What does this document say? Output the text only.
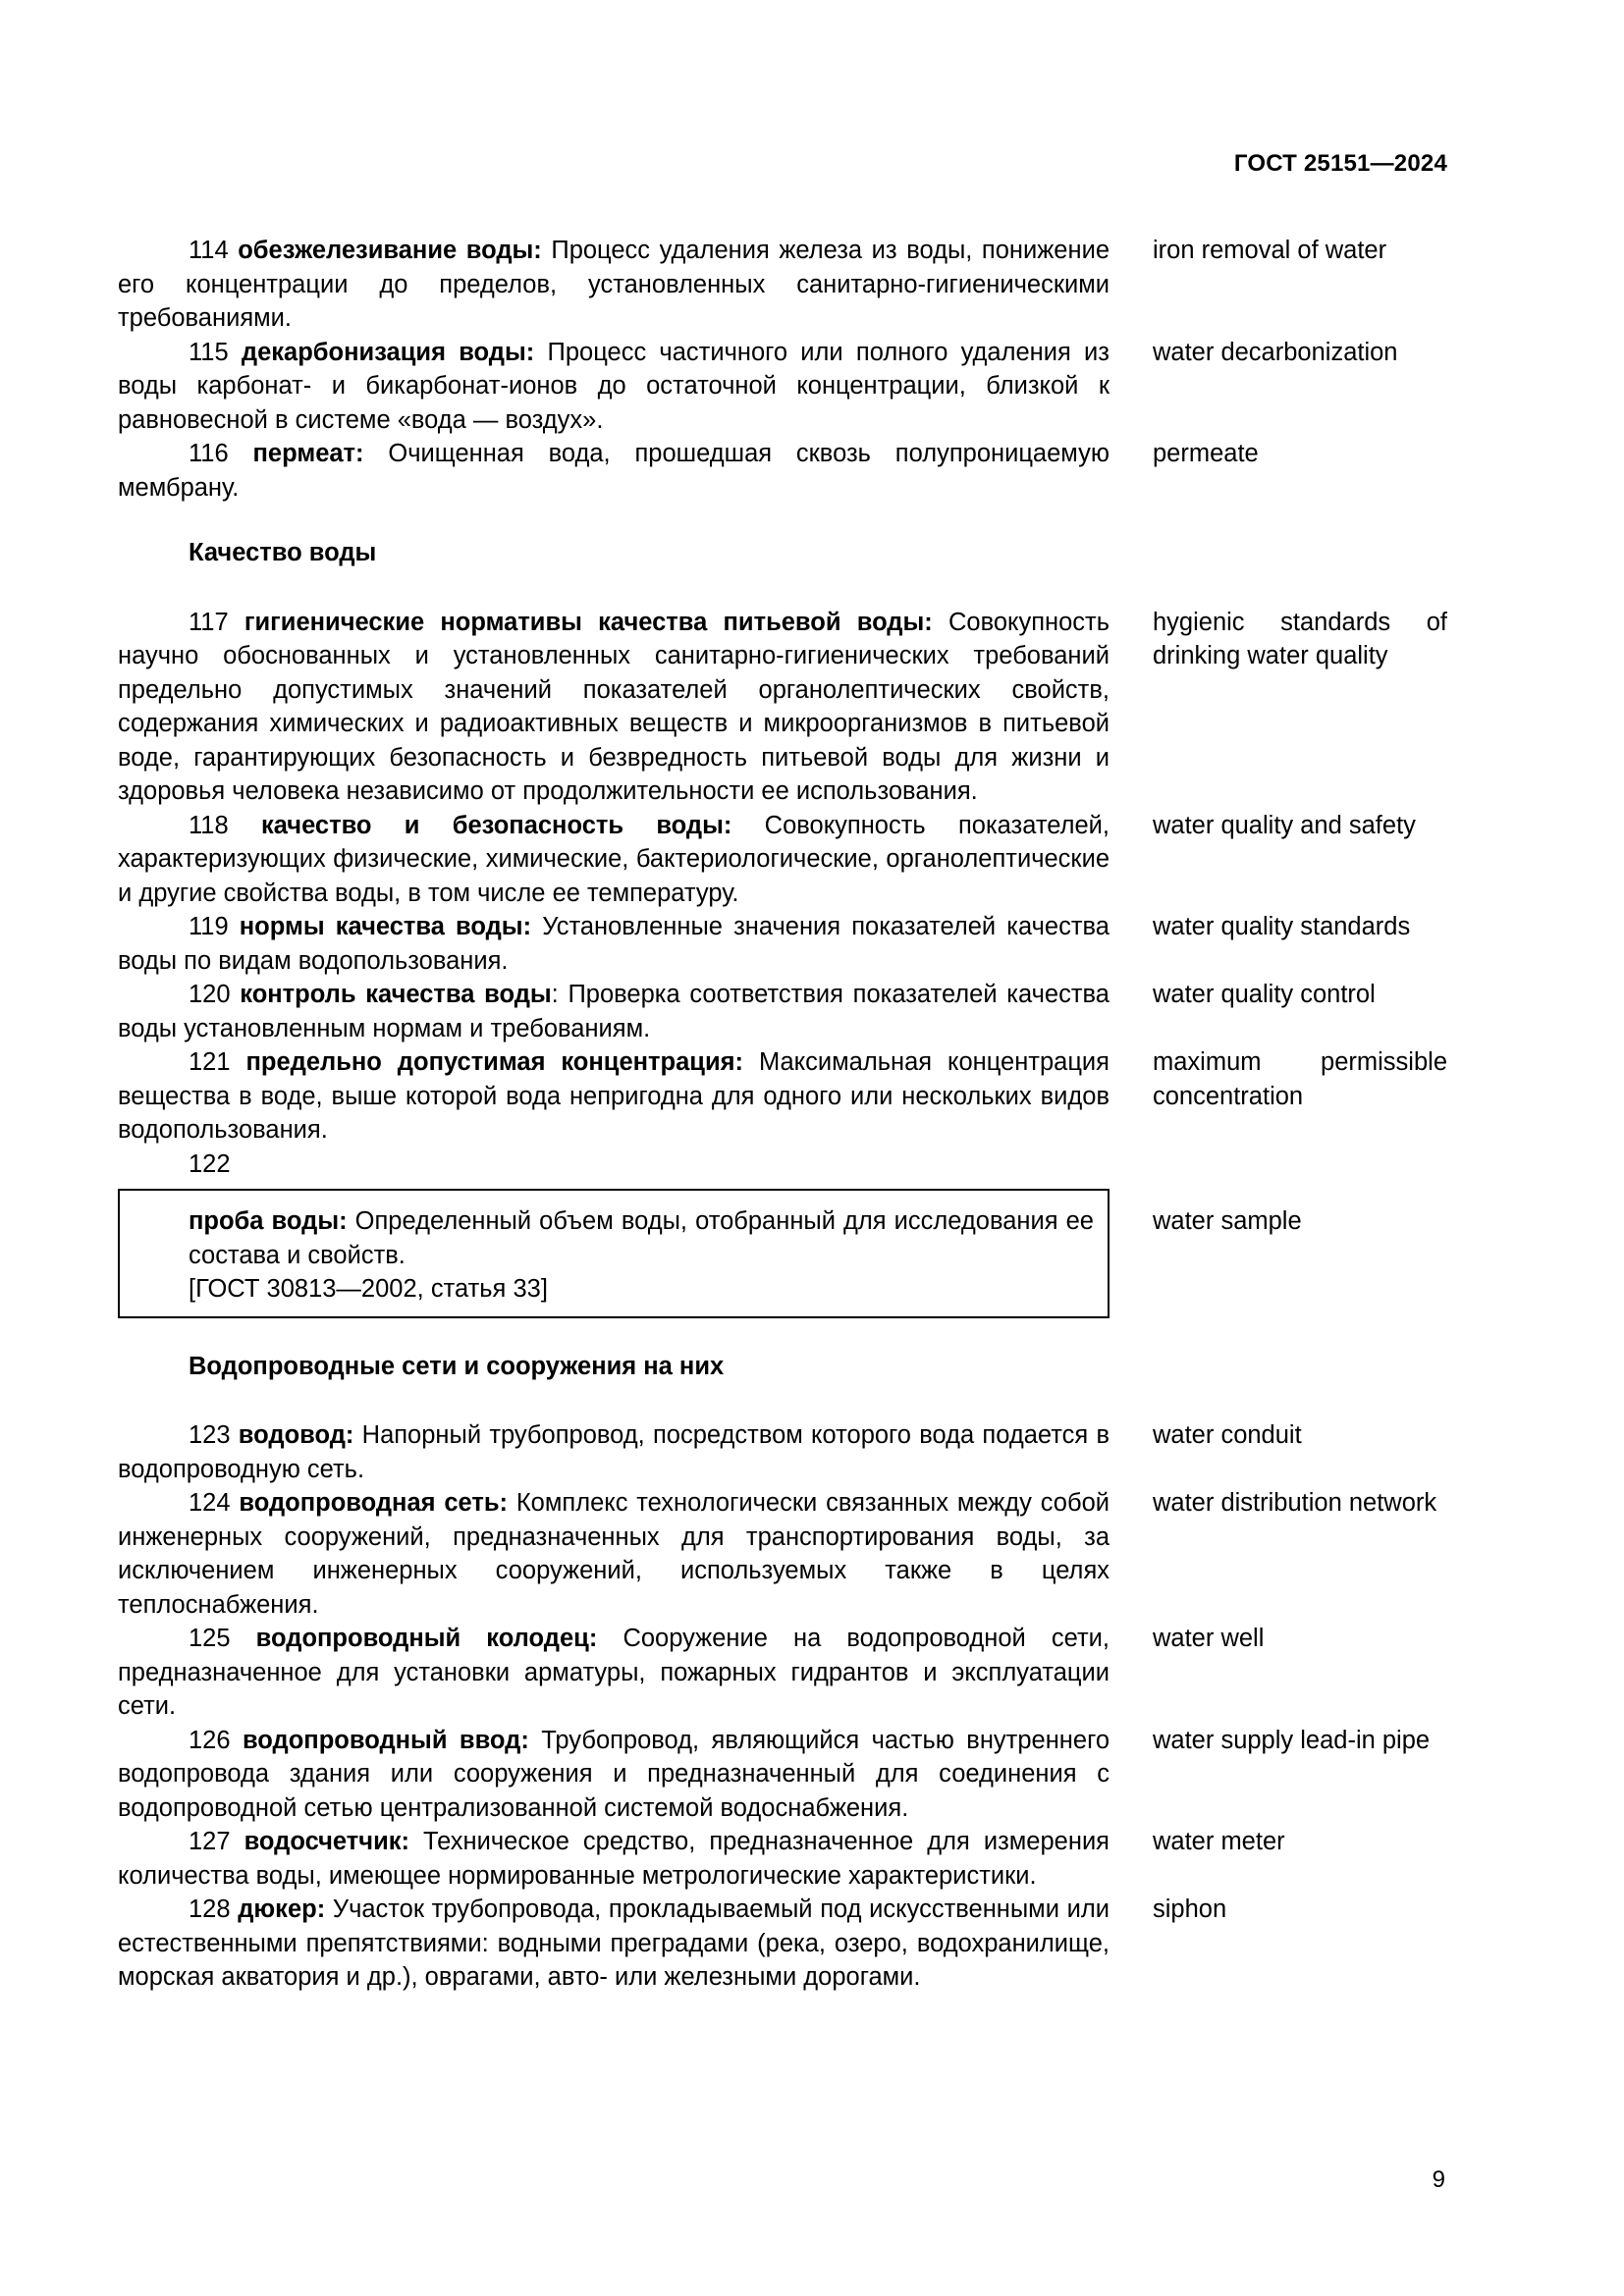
ГОСТ 25151—2024
114 обезжелезивание воды: Процесс удаления железа из воды, понижение его концентрации до пределов, установленных санитарно-гигиеническими требованиями.
iron removal of water
115 декарбонизация воды: Процесс частичного или полного удаления из воды карбонат- и бикарбонат-ионов до остаточной концентрации, близкой к равновесной в системе «вода — воздух».
water decarbonization
116 пермеат: Очищенная вода, прошедшая сквозь полупроницаемую мембрану.
permeate
Качество воды
117 гигиенические нормативы качества питьевой воды: Совокупность научно обоснованных и установленных санитарно-гигиенических требований предельно допустимых значений показателей органолептических свойств, содержания химических и радиоактивных веществ и микроорганизмов в питьевой воде, гарантирующих безопасность и безвредность питьевой воды для жизни и здоровья человека независимо от продолжительности ее использования.
hygienic standards of drinking water quality
118 качество и безопасность воды: Совокупность показателей, характеризующих физические, химические, бактериологические, органолептические и другие свойства воды, в том числе ее температуру.
water quality and safety
119 нормы качества воды: Установленные значения показателей качества воды по видам водопользования.
water quality standards
120 контроль качества воды: Проверка соответствия показателей качества воды установленным нормам и требованиям.
water quality control
121 предельно допустимая концентрация: Максимальная концентрация вещества в воде, выше которой вода непригодна для одного или нескольких видов водопользования.
maximum permissible concentration
122
проба воды: Определенный объем воды, отобранный для исследования ее состава и свойств.
[ГОСТ 30813—2002, статья 33]
water sample
Водопроводные сети и сооружения на них
123 водовод: Напорный трубопровод, посредством которого вода подается в водопроводную сеть.
water conduit
124 водопроводная сеть: Комплекс технологически связанных между собой инженерных сооружений, предназначенных для транспортирования воды, за исключением инженерных сооружений, используемых также в целях теплоснабжения.
water distribution network
125 водопроводный колодец: Сооружение на водопроводной сети, предназначенное для установки арматуры, пожарных гидрантов и эксплуатации сети.
water well
126 водопроводный ввод: Трубопровод, являющийся частью внутреннего водопровода здания или сооружения и предназначенный для соединения с водопроводной сетью централизованной системой водоснабжения.
water supply lead-in pipe
127 водосчетчик: Техническое средство, предназначенное для измерения количества воды, имеющее нормированные метрологические характеристики.
water meter
128 дюкер: Участок трубопровода, прокладываемый под искусственными или естественными препятствиями: водными преградами (река, озеро, водохранилище, морская акватория и др.), оврагами, авто- или железными дорогами.
siphon
9
